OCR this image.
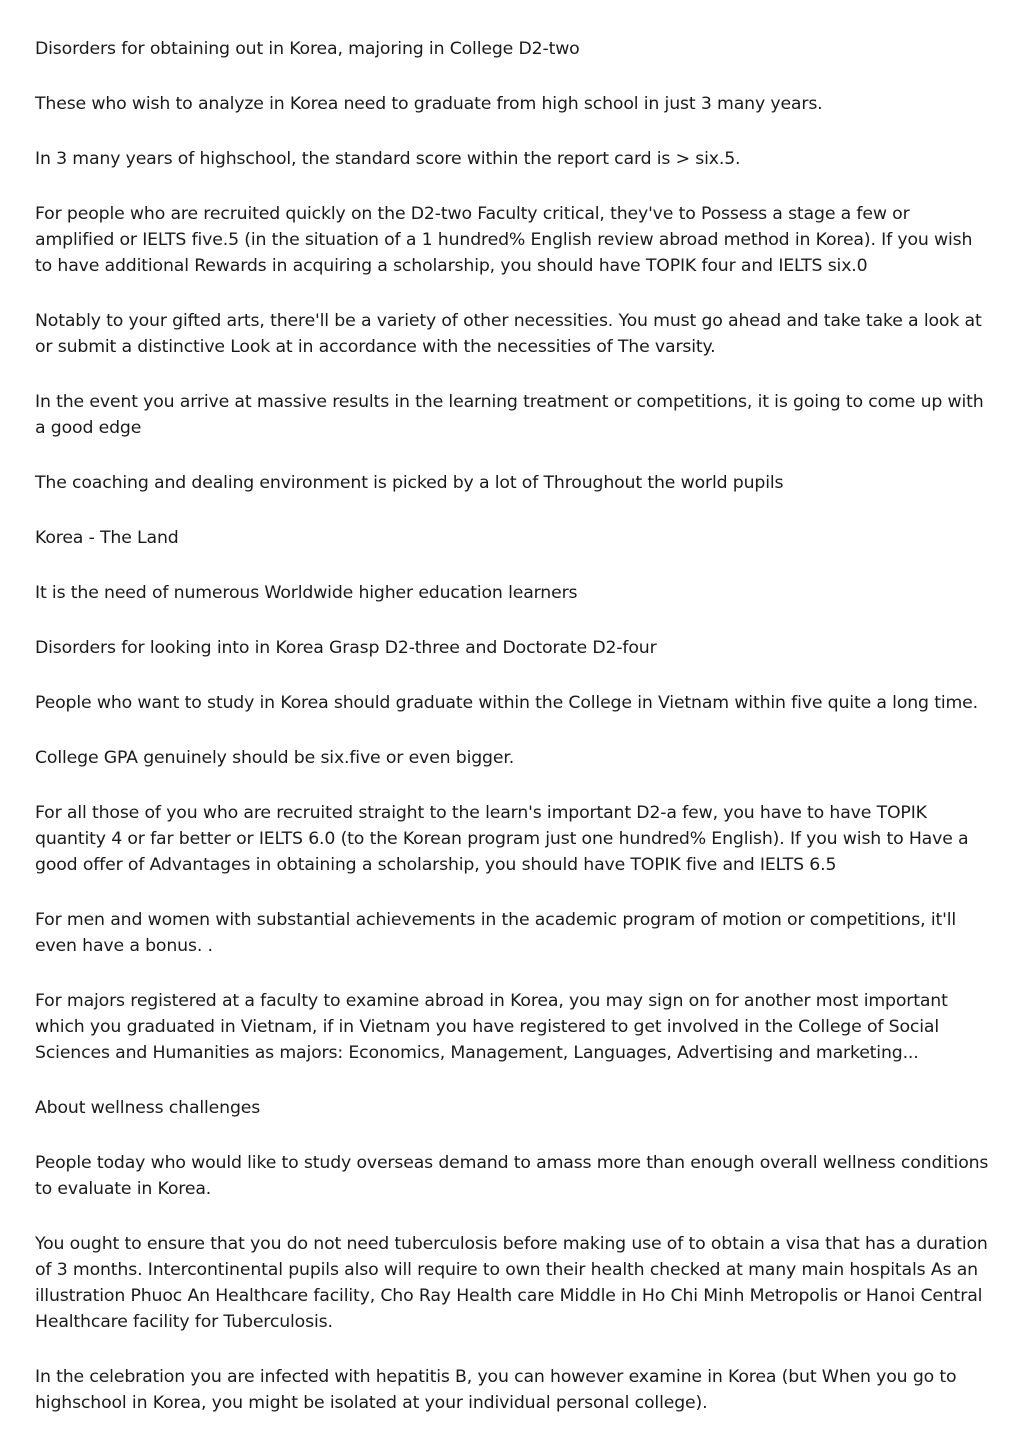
Disorders for obtaining out in Korea, majoring in College D2-two

These who wish to analyze in Korea need to graduate from high school in just 3 many years.

In 3 many years of highschool, the standard score within the report card is > six.5.

For people who are recruited quickly on the D2-two Faculty critical, they've to Possess a stage a few or amplified or IELTS five.5 (in the situation of a 1 hundred% English review abroad method in Korea). If you wish to have additional Rewards in acquiring a scholarship, you should have TOPIK four and IELTS six.0

Notably to your gifted arts, there'll be a variety of other necessities. You must go ahead and take take a look at or submit a distinctive Look at in accordance with the necessities of The varsity.

In the event you arrive at massive results in the learning treatment or competitions, it is going to come up with a good edge

The coaching and dealing environment is picked by a lot of Throughout the world pupils

Korea - The Land

It is the need of numerous Worldwide higher education learners

Disorders for looking into in Korea Grasp D2-three and Doctorate D2-four

People who want to study in Korea should graduate within the College in Vietnam within five quite a long time.

College GPA genuinely should be six.five or even bigger.

For all those of you who are recruited straight to the learn's important D2-a few, you have to have TOPIK quantity 4 or far better or IELTS 6.0 (to the Korean program just one hundred% English). If you wish to Have a good offer of Advantages in obtaining a scholarship, you should have TOPIK five and IELTS 6.5

For men and women with substantial achievements in the academic program of motion or competitions, it'll even have a bonus. .

For majors registered at a faculty to examine abroad in Korea, you may sign on for another most important which you graduated in Vietnam, if in Vietnam you have registered to get involved in the College of Social Sciences and Humanities as majors: Economics, Management, Languages, Advertising and marketing...

About wellness challenges

People today who would like to study overseas demand to amass more than enough overall wellness conditions to evaluate in Korea.

You ought to ensure that you do not need tuberculosis before making use of to obtain a visa that has a duration of 3 months. Intercontinental pupils also will require to own their health checked at many main hospitals As an illustration Phuoc An Healthcare facility, Cho Ray Health care Middle in Ho Chi Minh Metropolis or Hanoi Central Healthcare facility for Tuberculosis.

In the celebration you are infected with hepatitis B, you can however examine in Korea (but When you go to highschool in Korea, you might be isolated at your individual personal college).
